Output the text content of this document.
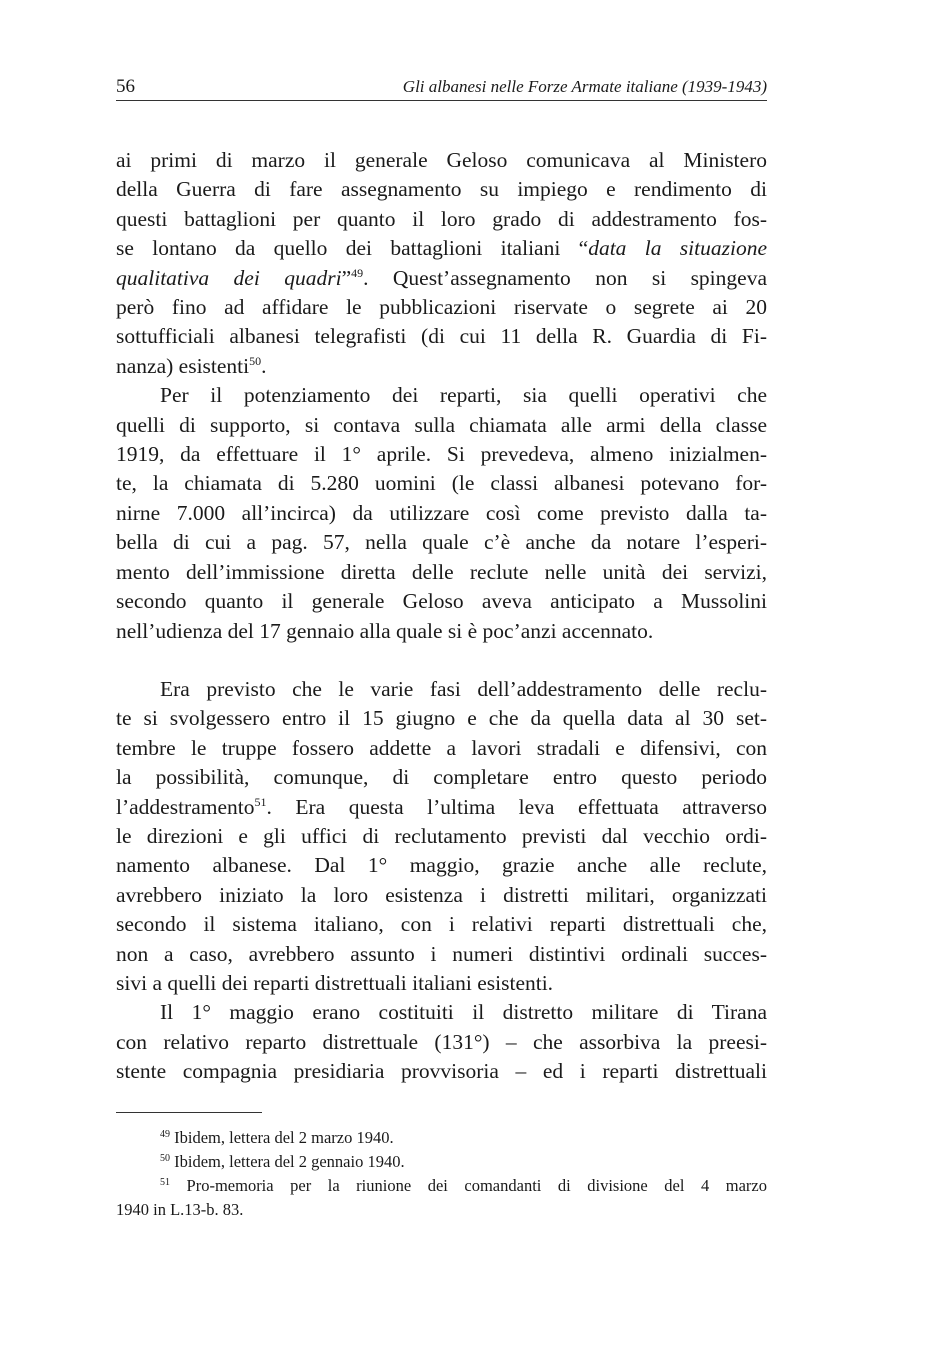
56	Gli albanesi nelle Forze Armate italiane (1939-1943)

ai primi di marzo il generale Geloso comunicava al Ministero
della Guerra di fare assegnamento su impiego e rendimento di
questi battaglioni per quanto il loro grado di addestramento fos-
se lontano da quello dei battaglioni italiani “data la situazione
qualitativa dei quadri”$^{49}$. Quest’assegnamento non si spingeva
però fino ad affidare le pubblicazioni riservate o segrete ai 20
sottufficiali albanesi telegrafisti (di cui 11 della R. Guardia di Fi-
nanza) esistenti$^{50}$.

Per il potenziamento dei reparti, sia quelli operativi che
quelli di supporto, si contava sulla chiamata alle armi della classe
1919, da effettuare il 1° aprile. Si prevedeva, almeno inizialmen-
te, la chiamata di 5.280 uomini (le classi albanesi potevano for-
nirne 7.000 all’incirca) da utilizzare così come previsto dalla ta-
bella di cui a pag. 57, nella quale c’è anche da notare l’esperi-
mento dell’immissione diretta delle reclute nelle unità dei servizi,
secondo quanto il generale Geloso aveva anticipato a Mussolini
nell’udienza del 17 gennaio alla quale si è poc’anzi accennato.

Era previsto che le varie fasi dell’addestramento delle reclu-
te si svolgessero entro il 15 giugno e che da quella data al 30 set-
tembre le truppe fossero addette a lavori stradali e difensivi, con
la possibilità, comunque, di completare entro questo periodo
l’addestramento$^{51}$. Era questa l’ultima leva effettuata attraverso
le direzioni e gli uffici di reclutamento previsti dal vecchio ordi-
namento albanese. Dal 1° maggio, grazie anche alle reclute,
avrebbero iniziato la loro esistenza i distretti militari, organizzati
secondo il sistema italiano, con i relativi reparti distrettuali che,
non a caso, avrebbero assunto i numeri distintivi ordinali succes-
sivi a quelli dei reparti distrettuali italiani esistenti.

Il 1° maggio erano costituiti il distretto militare di Tirana
con relativo reparto distrettuale (131°) – che assorbiva la preesi-
stente compagnia presidiaria provvisoria – ed i reparti distrettuali

$^{49}$ Ibidem, lettera del 2 marzo 1940.
$^{50}$ Ibidem, lettera del 2 gennaio 1940.
$^{51}$ Pro-memoria per la riunione dei comandanti di divisione del 4 marzo
1940 in L.13-b. 83.
